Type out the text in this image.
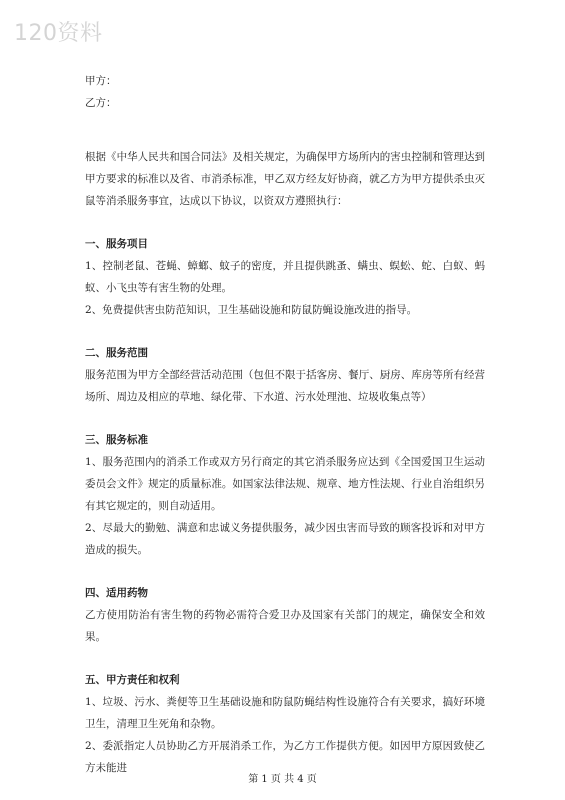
120资料

甲方：

乙方：

根据《中华人民共和国合同法》及相关规定，为确保甲方场所内的害虫控制和管理达到甲方要求的标准以及省、市消杀标准，甲乙双方经友好协商，就乙方为甲方提供杀虫灭鼠等消杀服务事宜，达成以下协议，以资双方遵照执行：

一、服务项目

1、控制老鼠、苍蝇、蟑螂、蚊子的密度，并且提供跳蚤、螨虫、蜈蚣、蛇、白蚁、蚂蚁、小飞虫等有害生物的处理。

2、免费提供害虫防范知识，卫生基础设施和防鼠防蝇设施改进的指导。

二、服务范围

服务范围为甲方全部经营活动范围（包但不限于括客房、餐厅、厨房、库房等所有经营场所、周边及相应的草地、绿化带、下水道、污水处理池、垃圾收集点等）

三、服务标准

1、服务范围内的消杀工作或双方另行商定的其它消杀服务应达到《全国爱国卫生运动委员会文件》规定的质量标准。如国家法律法规、规章、地方性法规、行业自治组织另有其它规定的，则自动适用。

2、尽最大的勤勉、满意和忠诚义务提供服务，减少因虫害而导致的顾客投诉和对甲方造成的损失。

四、适用药物

乙方使用防治有害生物的药物必需符合爱卫办及国家有关部门的规定，确保安全和效果。

五、甲方责任和权利

1、垃圾、污水、粪便等卫生基础设施和防鼠防蝇结构性设施符合有关要求，搞好环境卫生，清理卫生死角和杂物。

2、委派指定人员协助乙方开展消杀工作，为乙方工作提供方便。如因甲方原因致使乙方未能进

第 1 页 共 4 页
